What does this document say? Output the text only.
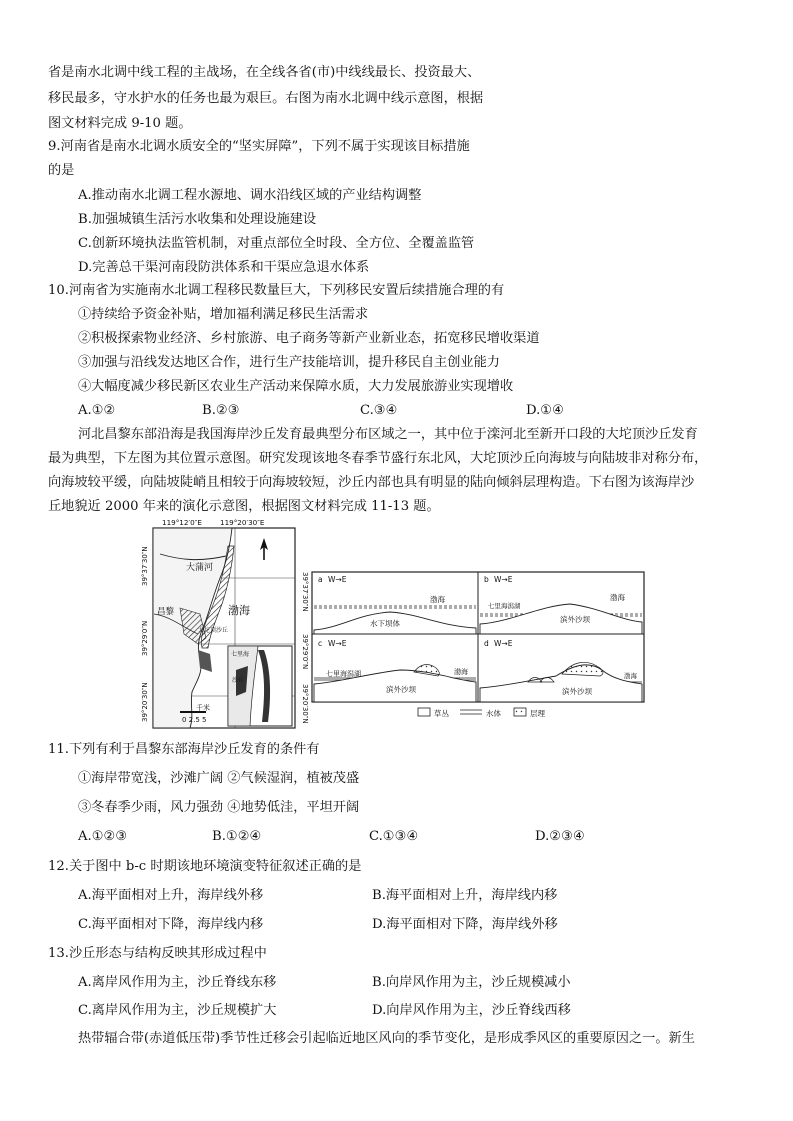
省是南水北调中线工程的主战场，在全线各省(市)中线线最长、投资最大、
移民最多，守水护水的任务也最为艰巨。右图为南水北调中线示意图，根据
图文材料完成 9-10 题。
9.河南省是南水北调水质安全的“坚实屏障”，下列不属于实现该目标措施
的是
A.推动南水北调工程水源地、调水沿线区域的产业结构调整
B.加强城镇生活污水收集和处理设施建设
C.创新环境执法监管机制，对重点部位全时段、全方位、全覆盖监管
D.完善总干渠河南段防洪体系和干渠应急退水体系
10.河南省为实施南水北调工程移民数量巨大，下列移民安置后续措施合理的有
①持续给予资金补贴，增加福利满足移民生活需求
②积极探索物业经济、乡村旅游、电子商务等新产业新业态，拓宽移民增收渠道
③加强与沿线发达地区合作，进行生产技能培训，提升移民自主创业能力
④大幅度减少移民新区农业生产活动来保障水质，大力发展旅游业实现增收
A.①②	B.②③	C.③④	D.①④
河北昌黎东部沿海是我国海岸沙丘发育最典型分布区域之一，其中位于滦河北至新开口段的大坨顶沙丘发育
最为典型，下左图为其位置示意图。研究发现该地冬春季节盛行东北风，大坨顶沙丘向海坡与向陆坡非对称分布，
向海坡较平缓，向陆坡陡峭且相较于向海坡较短，沙丘内部也具有明显的陆向倾斜层理构造。下右图为该海岸沙
丘地貌近 2000 年来的演化示意图，根据图文材料完成 11-13 题。
119°12′0″E	119°20′30″E
39°37′30″N
39°29′0″N
39°20′30″N
39°37′30″N
39°29′0″N
39°20′30″N
大蒲河
渤海
昌黎
大坨顶沙丘
七里海
沙丘
0 2.5 5
千米
a W→E
渤海
水下坝体
b W→E
七里海潟湖
渤海
滨外沙坝
c W→E
七里海潟湖	渤海
滨外沙坝
d W→E
渤海
滨外沙坝
草丛	水体	层理
11.下列有利于昌黎东部海岸沙丘发育的条件有
①海岸带宽浅，沙滩广阔 ②气候湿润，植被茂盛
③冬春季少雨，风力强劲 ④地势低洼，平坦开阔
A.①②③	B.①②④	C.①③④	D.②③④
12.关于图中 b-c 时期该地环境演变特征叙述正确的是
A.海平面相对上升，海岸线外移	B.海平面相对上升，海岸线内移
C.海平面相对下降，海岸线内移	D.海平面相对下降，海岸线外移
13.沙丘形态与结构反映其形成过程中
A.离岸风作用为主，沙丘脊线东移	B.向岸风作用为主，沙丘规模减小
C.离岸风作用为主，沙丘规模扩大	D.向岸风作用为主，沙丘脊线西移
热带辐合带(赤道低压带)季节性迁移会引起临近地区风向的季节变化，是形成季风区的重要原因之一。新生
